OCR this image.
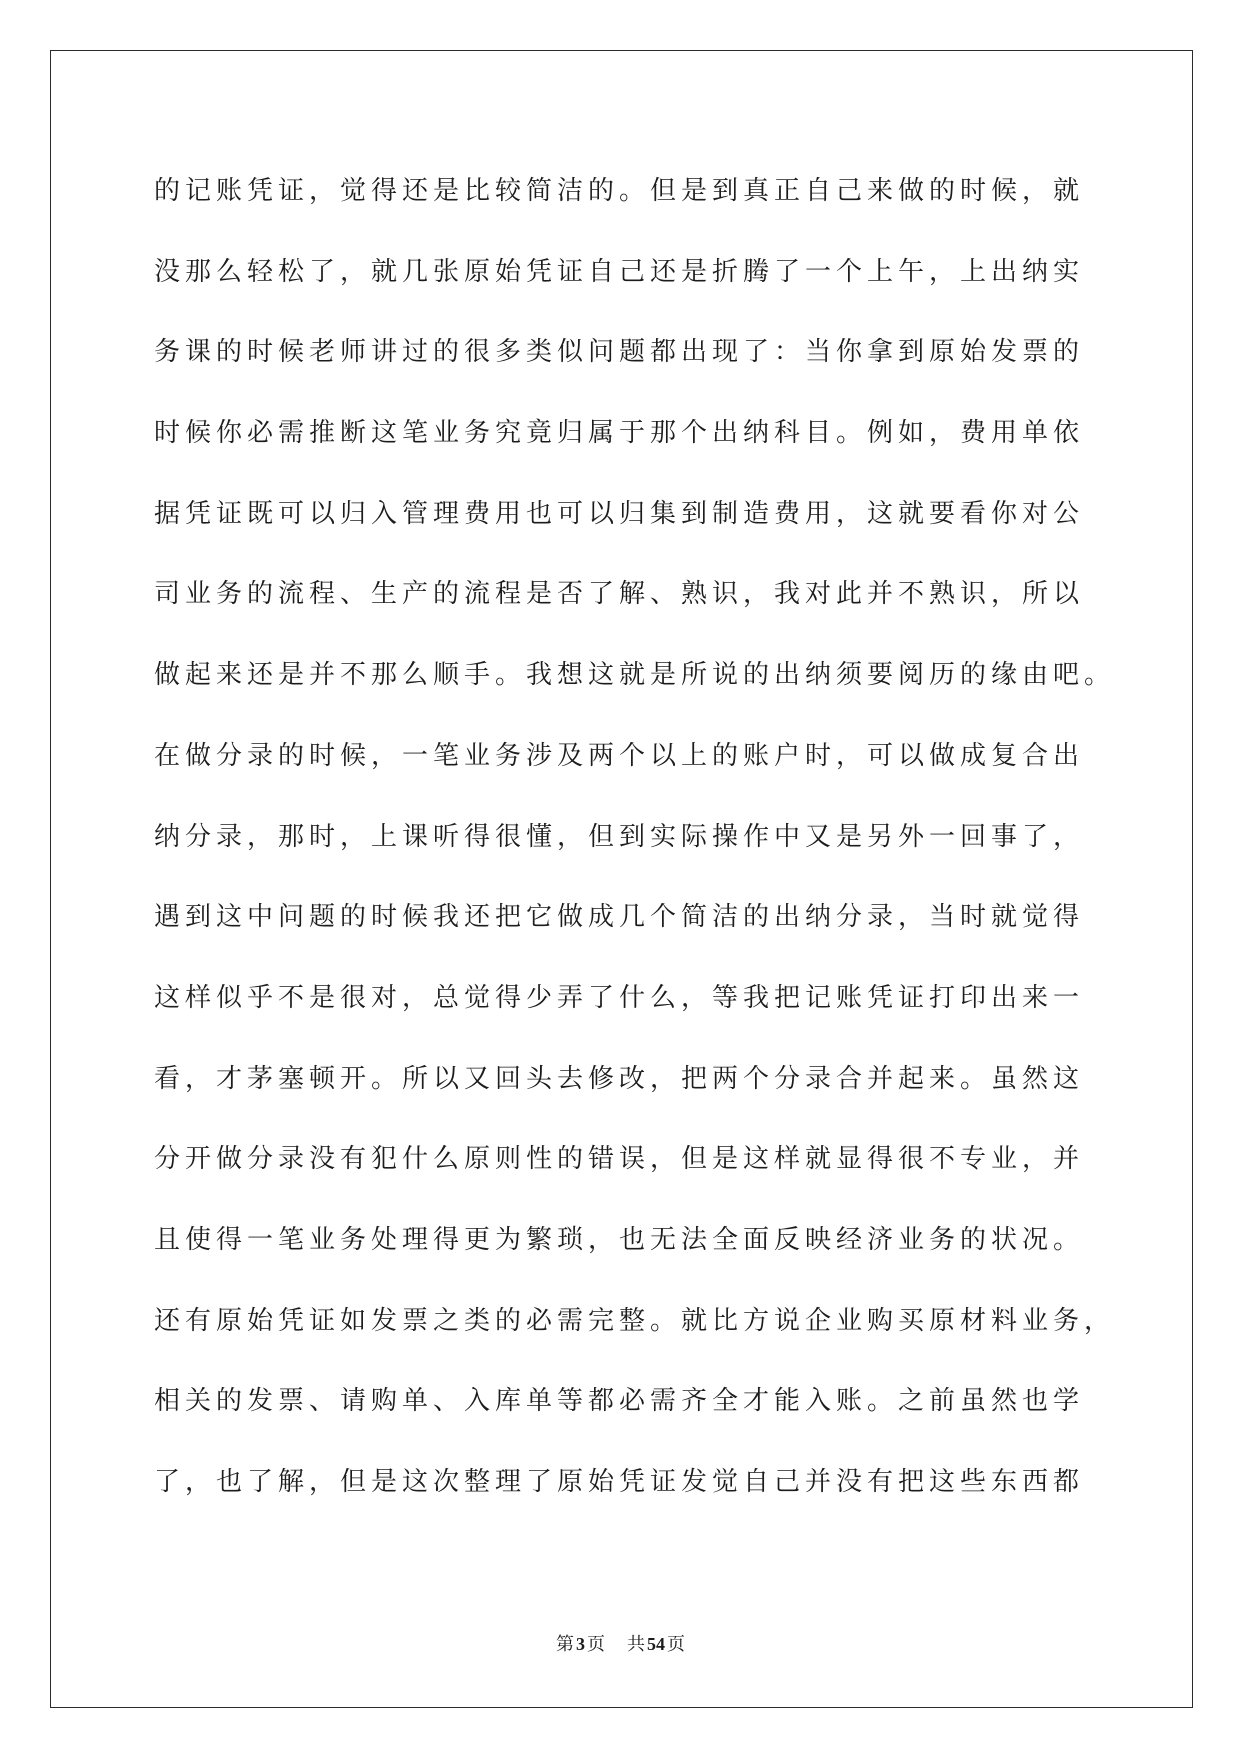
的记账凭证，觉得还是比较简洁的。但是到真正自己来做的时候，就
没那么轻松了，就几张原始凭证自己还是折腾了一个上午，上出纳实
务课的时候老师讲过的很多类似问题都出现了：当你拿到原始发票的
时候你必需推断这笔业务究竟归属于那个出纳科目。例如，费用单依
据凭证既可以归入管理费用也可以归集到制造费用，这就要看你对公
司业务的流程、生产的流程是否了解、熟识，我对此并不熟识，所以
做起来还是并不那么顺手。我想这就是所说的出纳须要阅历的缘由吧。
在做分录的时候，一笔业务涉及两个以上的账户时，可以做成复合出
纳分录，那时，上课听得很懂，但到实际操作中又是另外一回事了，
遇到这中问题的时候我还把它做成几个简洁的出纳分录，当时就觉得
这样似乎不是很对，总觉得少弄了什么，等我把记账凭证打印出来一
看，才茅塞顿开。所以又回头去修改，把两个分录合并起来。虽然这
分开做分录没有犯什么原则性的错误，但是这样就显得很不专业，并
且使得一笔业务处理得更为繁琐，也无法全面反映经济业务的状况。
还有原始凭证如发票之类的必需完整。就比方说企业购买原材料业务，
相关的发票、请购单、入库单等都必需齐全才能入账。之前虽然也学
了，也了解，但是这次整理了原始凭证发觉自己并没有把这些东西都
第 3 页 共 54 页
